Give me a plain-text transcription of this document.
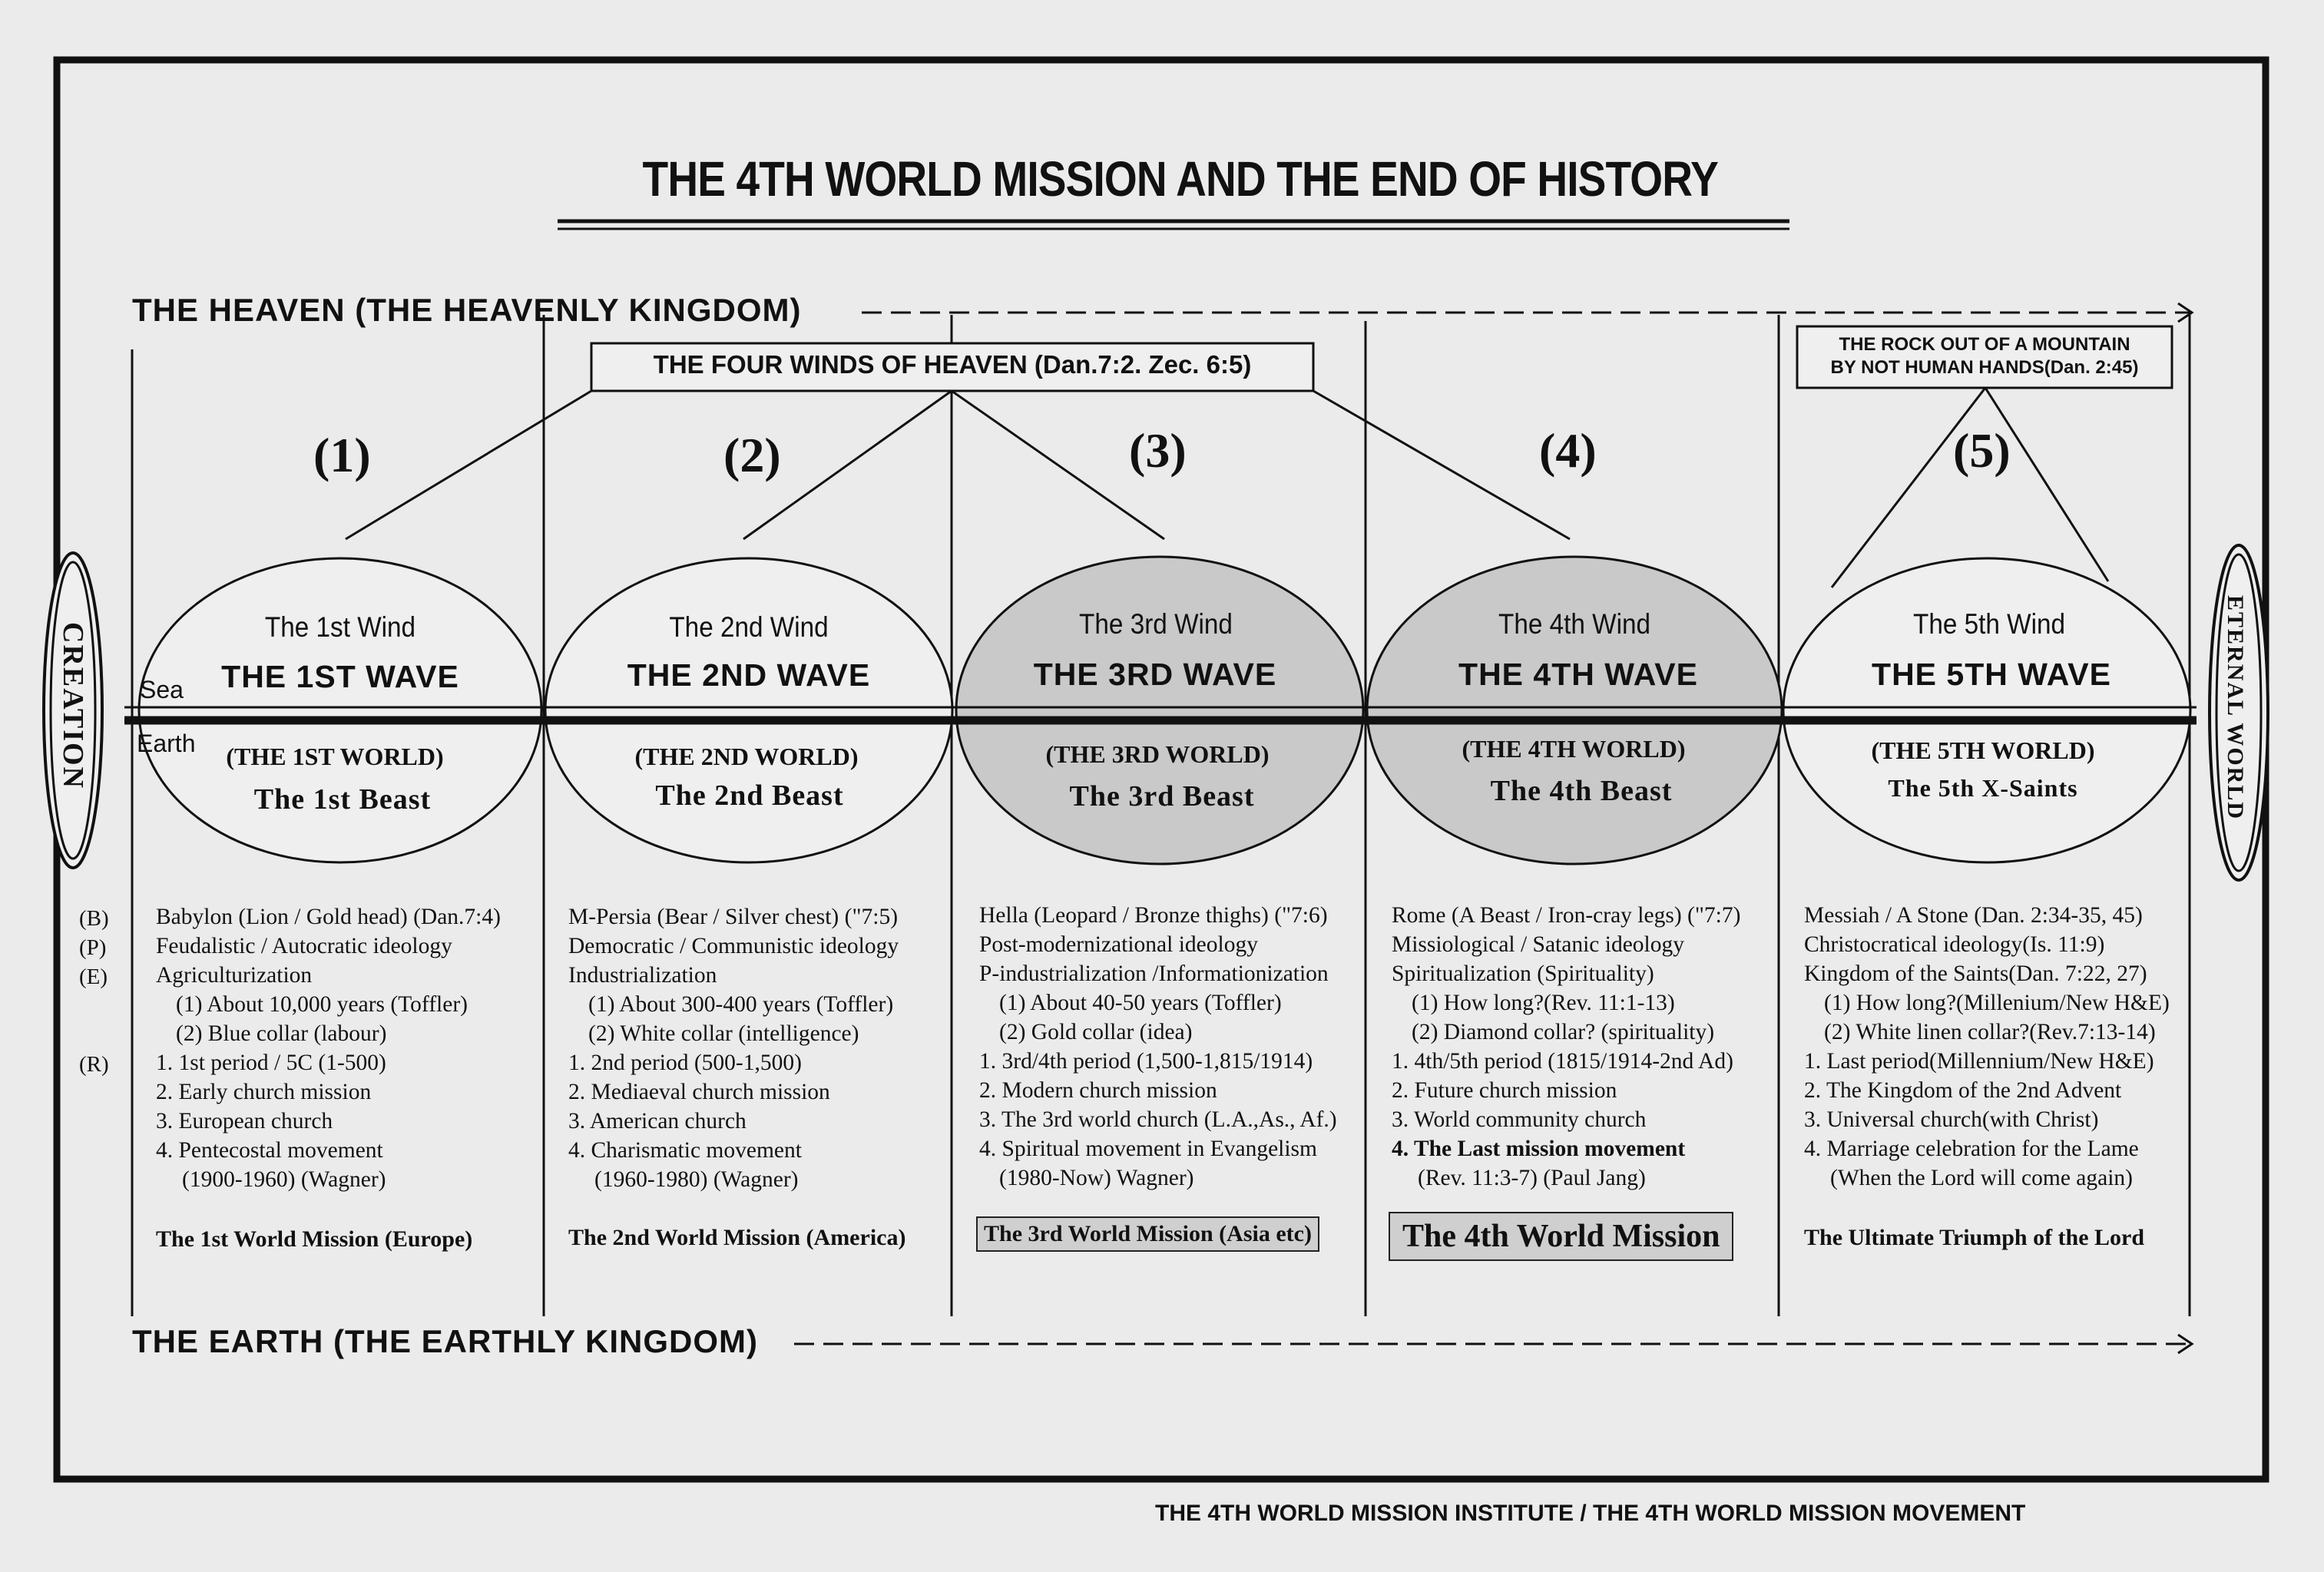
THE 4TH WORLD MISSION AND THE END OF HISTORY
THE HEAVEN (THE HEAVENLY KINGDOM)
THE EARTH (THE EARTHLY KINGDOM)
THE FOUR WINDS OF HEAVEN (Dan.7:2. Zec. 6:5)
THE ROCK OUT OF A MOUNTAIN
BY NOT HUMAN HANDS(Dan. 2:45)
(1)	(2)	(3)	(4)	(5)
The 1st Wind
THE 1ST WAVE
(THE 1ST WORLD)
The 1st Beast
The 2nd Wind
THE 2ND WAVE
(THE 2ND WORLD)
The 2nd Beast
The 3rd Wind
THE 3RD WAVE
(THE 3RD WORLD)
The 3rd Beast
The 4th Wind
THE 4TH WAVE
(THE 4TH WORLD)
The 4th Beast
The 5th Wind
THE 5TH WAVE
(THE 5TH WORLD)
The 5th X-Saints
Sea
Earth
CREATION	ETERNAL WORLD
(B)
(P)
(E)
(R)
Babylon (Lion / Gold head) (Dan.7:4)
Feudalistic / Autocratic ideology
Agriculturization
(1) About 10,000 years (Toffler)
(2) Blue collar (labour)
1. 1st period / 5C (1-500)
2. Early church mission
3. European church
4. Pentecostal movement
(1900-1960) (Wagner)
The 1st World Mission (Europe)
M-Persia (Bear / Silver chest) ("7:5)
Democratic / Communistic ideology
Industrialization
(1) About 300-400 years (Toffler)
(2) White collar (intelligence)
1. 2nd period (500-1,500)
2. Mediaeval church mission
3. American church
4. Charismatic movement
(1960-1980) (Wagner)
The 2nd World Mission (America)
Hella (Leopard / Bronze thighs) ("7:6)
Post-modernizational ideology
P-industrialization /Informationization
(1) About 40-50 years (Toffler)
(2) Gold collar (idea)
1. 3rd/4th period (1,500-1,815/1914)
2. Modern church mission
3. The 3rd world church (L.A.,As., Af.)
4. Spiritual movement in Evangelism
(1980-Now) Wagner)
The 3rd World Mission (Asia etc)
Rome (A Beast / Iron-cray legs) ("7:7)
Missiological / Satanic ideology
Spiritualization (Spirituality)
(1) How long?(Rev. 11:1-13)
(2) Diamond collar? (spirituality)
1. 4th/5th period (1815/1914-2nd Ad)
2. Future church mission
3. World community church
4. The Last mission movement
(Rev. 11:3-7) (Paul Jang)
The 4th World Mission
Messiah / A Stone (Dan. 2:34-35, 45)
Christocratical ideology(Is. 11:9)
Kingdom of the Saints(Dan. 7:22, 27)
(1) How long?(Millenium/New H&E)
(2) White linen collar?(Rev.7:13-14)
1. Last period(Millennium/New H&E)
2. The Kingdom of the 2nd Advent
3. Universal church(with Christ)
4. Marriage celebration for the Lame
(When the Lord will come again)
The Ultimate Triumph of the Lord
THE 4TH WORLD MISSION INSTITUTE / THE 4TH WORLD MISSION MOVEMENT
